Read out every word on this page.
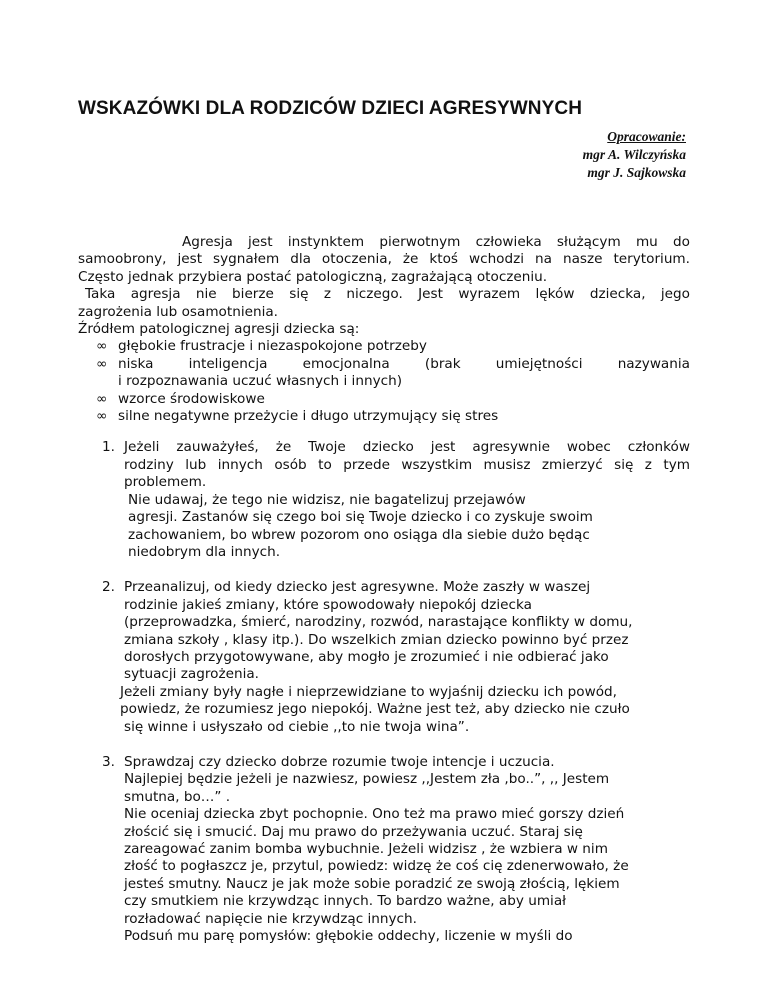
WSKAZÓWKI DLA RODZICÓW DZIECI AGRESYWNYCH
Opracowanie:
mgr A. Wilczyńska
mgr J. Sajkowska

Agresja jest instynktem pierwotnym człowieka służącym mu do

samoobrony, jest sygnałem dla otoczenia, że ktoś wchodzi na nasze terytorium.

Często jednak przybiera postać patologiczną, zagrażającą otoczeniu.

Taka agresja nie bierze się z niczego. Jest wyrazem lęków dziecka, jego

zagrożenia lub osamotnienia.

Źródłem patologicznej agresji dziecka są:

∞ głębokie frustracje i niezaspokojone potrzeby
∞ niska inteligencja emocjonalna (brak umiejętności nazywania
i rozpoznawania uczuć własnych i innych)
∞ wzorce środowiskowe
∞ silne negatywne przeżycie i długo utrzymujący się stres
1. Jeżeli zauważyłeś, że Twoje dziecko jest agresywnie wobec członków
rodziny lub innych osób to przede wszystkim musisz zmierzyć się z tym
problemem.
Nie udawaj, że tego nie widzisz, nie bagatelizuj przejawów
agresji. Zastanów się czego boi się Twoje dziecko i co zyskuje swoim
zachowaniem, bo wbrew pozorom ono osiąga dla siebie dużo będąc
niedobrym dla innych.
2. Przeanalizuj, od kiedy dziecko jest agresywne. Może zaszły w waszej
rodzinie jakieś zmiany, które spowodowały niepokój dziecka
(przeprowadzka, śmierć, narodziny, rozwód, narastające konflikty w domu,
zmiana szkoły , klasy itp.). Do wszelkich zmian dziecko powinno być przez
dorosłych przygotowywane, aby mogło je zrozumieć i nie odbierać jako
sytuacji zagrożenia.
Jeżeli zmiany były nagłe i nieprzewidziane to wyjaśnij dziecku ich powód,
powiedz, że rozumiesz jego niepokój. Ważne jest też, aby dziecko nie czuło
się winne i usłyszało od ciebie ,,to nie twoja wina”.
3. Sprawdzaj czy dziecko dobrze rozumie twoje intencje i uczucia.
Najlepiej będzie jeżeli je nazwiesz, powiesz ,,Jestem zła ,bo..”, ,, Jestem
smutna, bo…” .
Nie oceniaj dziecka zbyt pochopnie. Ono też ma prawo mieć gorszy dzień
złościć się i smucić. Daj mu prawo do przeżywania uczuć. Staraj się
zareagować zanim bomba wybuchnie. Jeżeli widzisz , że wzbiera w nim
złość to pogłaszcz je, przytul, powiedz: widzę że coś cię zdenerwowało, że
jesteś smutny. Naucz je jak może sobie poradzić ze swoją złością, lękiem
czy smutkiem nie krzywdząc innych. To bardzo ważne, aby umiał
rozładować napięcie nie krzywdząc innych.
Podsuń mu parę pomysłów: głębokie oddechy, liczenie w myśli do
